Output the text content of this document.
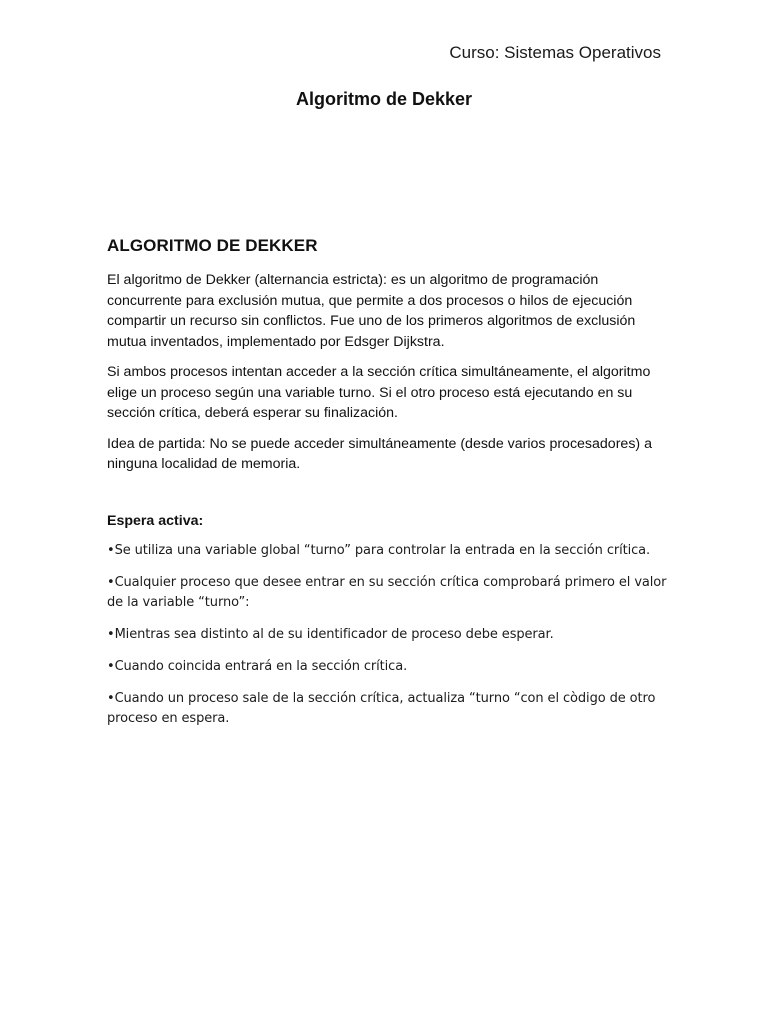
Curso: Sistemas Operativos
Algoritmo de Dekker
ALGORITMO DE DEKKER

El algoritmo de Dekker (alternancia estricta): es un algoritmo de programación concurrente para exclusión mutua, que permite a dos procesos o hilos de ejecución compartir un recurso sin conflictos. Fue uno de los primeros algoritmos de exclusión mutua inventados, implementado por Edsger Dijkstra.

Si ambos procesos intentan acceder a la sección crítica simultáneamente, el algoritmo elige un proceso según una variable turno. Si el otro proceso está ejecutando en su sección crítica, deberá esperar su finalización.

Idea de partida: No se puede acceder simultáneamente (desde varios procesadores) a ninguna localidad de memoria.

Espera activa:

•Se utiliza una variable global “turno” para controlar la entrada en la sección crítica.

•Cualquier proceso que desee entrar en su sección crítica comprobará primero el valor de la variable “turno”:

•Mientras sea distinto al de su identificador de proceso debe esperar.

•Cuando coincida entrará en la sección crítica.

•Cuando un proceso sale de la sección crítica, actualiza “turno “con el còdigo de otro proceso en espera.
